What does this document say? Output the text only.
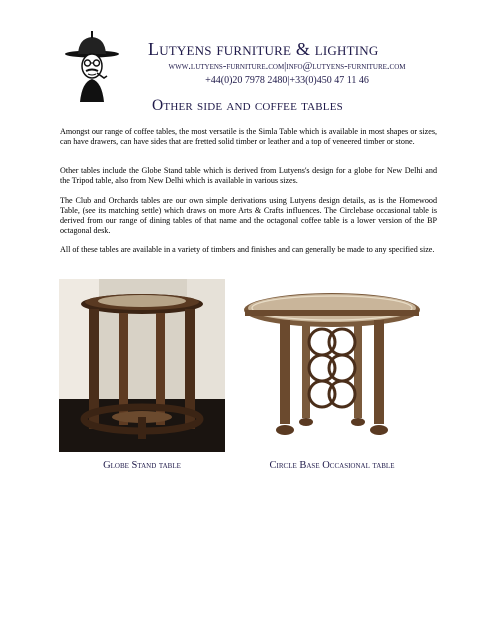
Lutyens furniture & lighting
www.lutyens-furniture.com|info@lutyens-furniture.com
+44(0)20 7978 2480|+33(0)450 47 11 46
Other side and coffee tables
Amongst our range of coffee tables, the most versatile is the Simla Table which is available in most shapes or sizes, can have drawers, can have sides that are fretted solid timber or leather and a top of veneered timber or stone.
Other tables include the Globe Stand table which is derived from Lutyens's design for a globe for New Delhi and the Tripod table, also from New Delhi which is available in various sizes.
The Club and Orchards tables are our own simple derivations using Lutyens design details, as is the Homewood Table, (see its matching settle) which draws on more Arts & Crafts influences. The Circlebase occasional table is derived from our range of dining tables of that name and the octagonal coffee table is a lower version of the BP octagonal desk.
All of these tables are available in a variety of timbers and finishes and can generally be made to any specified size.
Globe Stand table	Circle Base Occasional table
